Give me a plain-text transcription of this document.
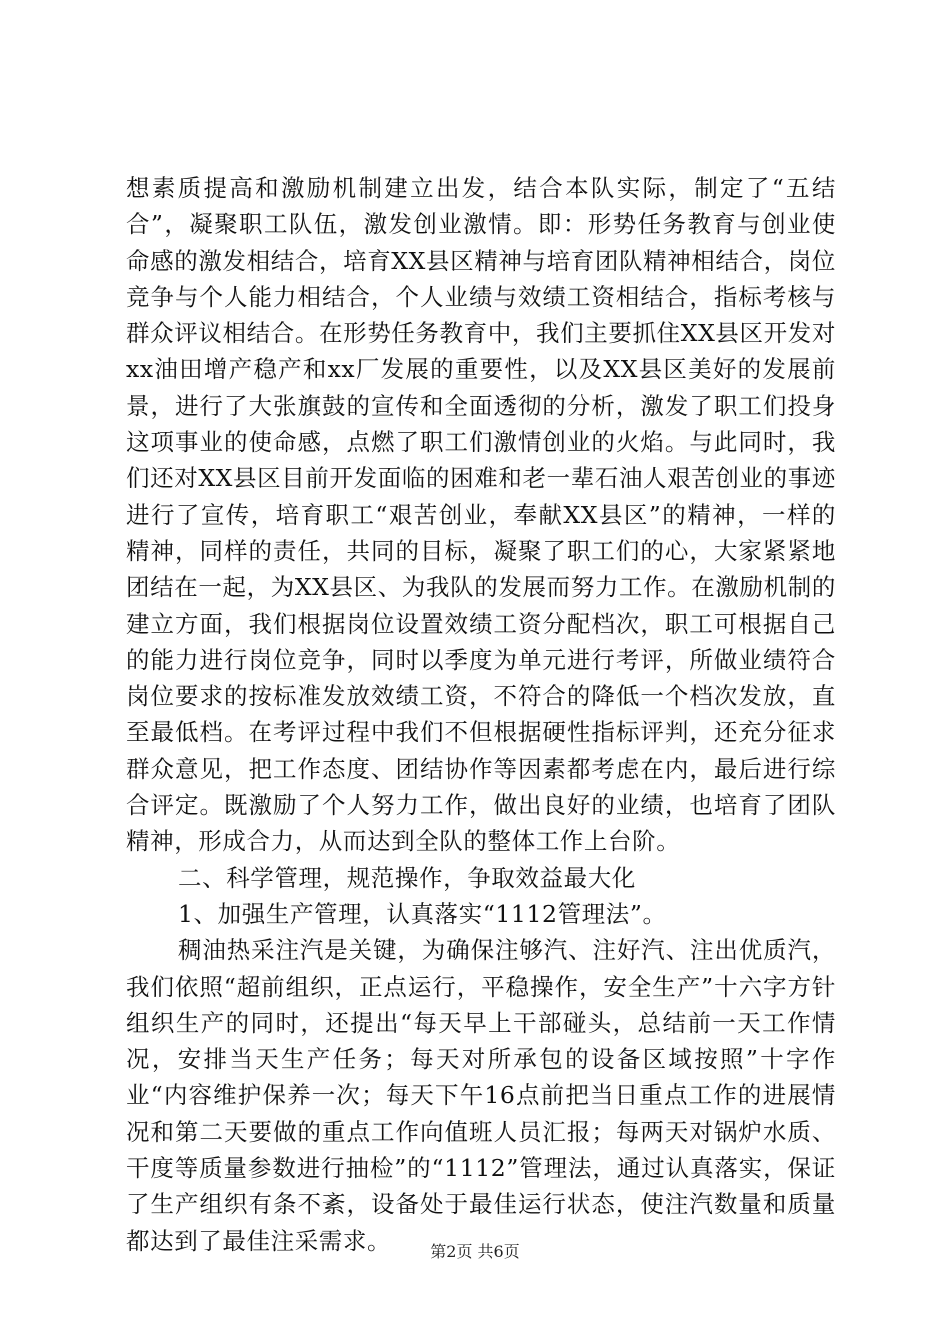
想素质提高和激励机制建立出发，结合本队实际，制定了“五结合”，凝聚职工队伍，激发创业激情。即：形势任务教育与创业使命感的激发相结合，培育XX县区精神与培育团队精神相结合，岗位竞争与个人能力相结合，个人业绩与效绩工资相结合，指标考核与群众评议相结合。在形势任务教育中，我们主要抓住XX县区开发对xx油田增产稳产和xx厂发展的重要性，以及XX县区美好的发展前景，进行了大张旗鼓的宣传和全面透彻的分析，激发了职工们投身这项事业的使命感，点燃了职工们激情创业的火焰。与此同时，我们还对XX县区目前开发面临的困难和老一辈石油人艰苦创业的事迹进行了宣传，培育职工“艰苦创业，奉献XX县区”的精神，一样的精神，同样的责任，共同的目标，凝聚了职工们的心，大家紧紧地团结在一起，为XX县区、为我队的发展而努力工作。在激励机制的建立方面，我们根据岗位设置效绩工资分配档次，职工可根据自己的能力进行岗位竞争，同时以季度为单元进行考评，所做业绩符合岗位要求的按标准发放效绩工资，不符合的降低一个档次发放，直至最低档。在考评过程中我们不但根据硬性指标评判，还充分征求群众意见，把工作态度、团结协作等因素都考虑在内，最后进行综合评定。既激励了个人努力工作，做出良好的业绩，也培育了团队精神，形成合力，从而达到全队的整体工作上台阶。

二、科学管理，规范操作，争取效益最大化

1、加强生产管理，认真落实“1112管理法”。

稠油热采注汽是关键，为确保注够汽、注好汽、注出优质汽，我们依照“超前组织，正点运行，平稳操作，安全生产”十六字方针组织生产的同时，还提出“每天早上干部碰头，总结前一天工作情况，安排当天生产任务；每天对所承包的设备区域按照”十字作业“内容维护保养一次；每天下午16点前把当日重点工作的进展情况和第二天要做的重点工作向值班人员汇报；每两天对锅炉水质、干度等质量参数进行抽检”的“1112”管理法，通过认真落实，保证了生产组织有条不紊，设备处于最佳运行状态，使注汽数量和质量都达到了最佳注采需求。	第2页 共6页
